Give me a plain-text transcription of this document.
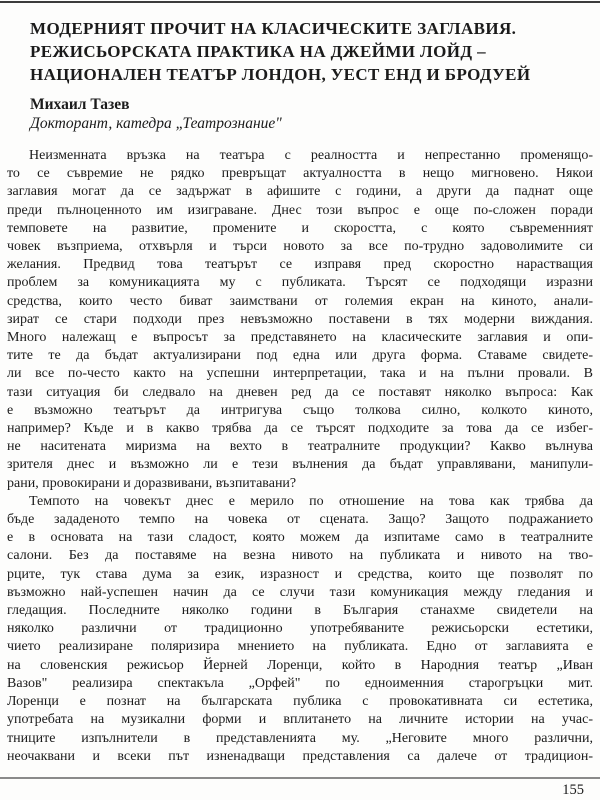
МОДЕРНИЯТ ПРОЧИТ НА КЛАСИЧЕСКИТЕ ЗАГЛАВИЯ.
РЕЖИСЬОРСКАТА ПРАКТИКА НА ДЖЕЙМИ ЛОЙД –
НАЦИОНАЛЕН ТЕАТЪР ЛОНДОН, УЕСТ ЕНД И БРОДУЕЙ
Михаил Тазев
Докторант, катедра „Театрознание"
Неизменната връзка на театъра с реалността и непрестанно променящо-
то се съвремие не рядко превръщат актуалността в нещо мигновено. Някои
заглавия могат да се задържат в афишите с години, а други да паднат още
преди пълноценното им изиграване. Днес този въпрос е още по-сложен поради
темповете на развитие, промените и скоростта, с която съвременният
човек възприема, отхвърля и търси новото за все по-трудно задоволимите си
желания. Предвид това театърът се изправя пред скоростно нарастващия
проблем за комуникацията му с публиката. Търсят се подходящи изразни
средства, които често биват заимствани от големия екран на киното, анали-
зират се стари подходи през невъзможно поставени в тях модерни виждания.
Много належащ е въпросът за представянето на класическите заглавия и опи-
тите те да бъдат актуализирани под една или друга форма. Ставаме свидете-
ли все по-често както на успешни интерпретации, така и на пълни провали. В
тази ситуация би следвало на дневен ред да се поставят няколко въпроса: Как
е възможно театърът да интригува също толкова силно, колкото киното,
например? Къде и в какво трябва да се търсят подходите за това да се избег-
не наситената миризма на вехто в театралните продукции? Какво вълнува
зрителя днес и възможно ли е тези вълнения да бъдат управлявани, манипули-
рани, провокирани и доразвивани, възпитавани?
Темпото на човекът днес е мерило по отношение на това как трябва да
бъде зададеното темпо на човека от сцената. Защо? Защото подражанието
е в основата на тази сладост, която можем да изпитаме само в театралните
салони. Без да поставяме на везна нивото на публиката и нивото на тво-
рците, тук става дума за език, изразност и средства, които ще позволят по
възможно най-успешен начин да се случи тази комуникация между гледания и
гледащия. Последните няколко години в България станахме свидетели на
няколко различни от традиционно употребяваните режисьорски естетики,
чието реализиране поляризира мнението на публиката. Едно от заглавията е
на словенския режисьор Йерней Лоренци, който в Народния театър „Иван
Вазов" реализира спектакъла „Орфей" по едноименния старогръцки мит.
Лоренци е познат на българската публика с провокативната си естетика,
употребата на музикални форми и вплитането на личните истории на учас-
тниците изпълнители в представленията му. „Неговите много различни,
неочаквани и всеки път изненадващи представления са далече от традицион-
155
